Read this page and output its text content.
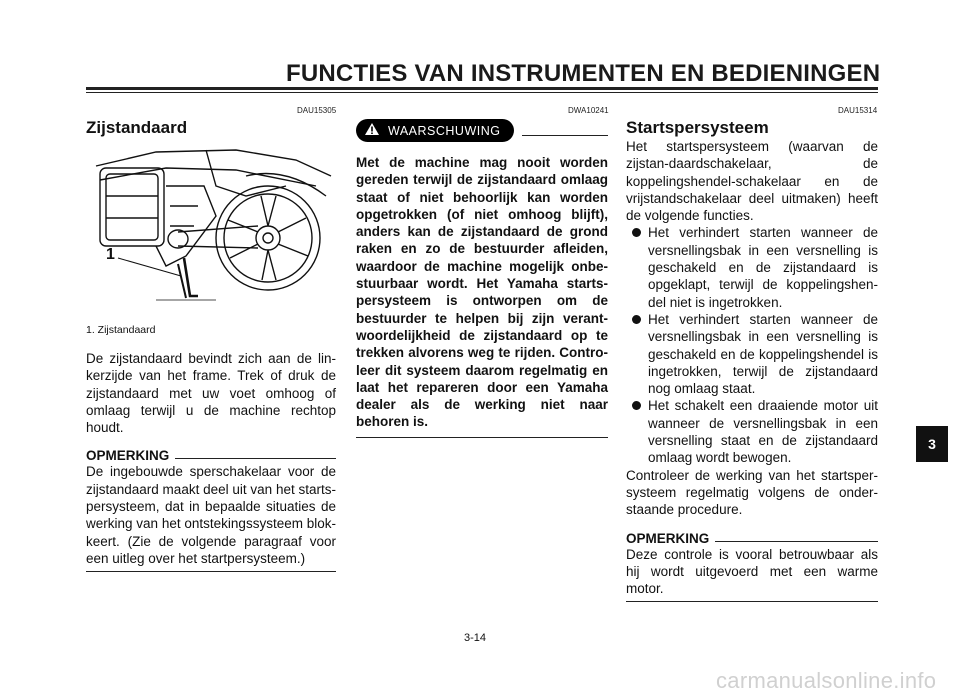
FUNCTIES VAN INSTRUMENTEN EN BEDIENINGEN
DAU15305
Zijstandaard
1
1. Zijstandaard

De zijstandaard bevindt zich aan de lin-kerzijde van het frame. Trek of druk de zijstandaard met uw voet omhoog of omlaag terwijl u de machine rechtop houdt.

OPMERKING

De ingebouwde sperschakelaar voor de zijstandaard maakt deel uit van het starts-persysteem, dat in bepaalde situaties de werking van het ontstekingssysteem blok-keert. (Zie de volgende paragraaf voor een uitleg over het startpersysteem.)

DWA10241
WAARSCHUWING

Met de machine mag nooit worden gereden terwijl de zijstandaard omlaag staat of niet behoorlijk kan worden opgetrokken (of niet omhoog blijft), anders kan de zijstandaard de grond raken en zo de bestuurder afleiden, waardoor de machine mogelijk onbe-stuurbaar wordt. Het Yamaha starts-persysteem is ontworpen om de bestuurder te helpen bij zijn verant-woordelijkheid de zijstandaard op te trekken alvorens weg te rijden. Contro-leer dit systeem daarom regelmatig en laat het repareren door een Yamaha dealer als de werking niet naar behoren is.

DAU15314
Startspersysteem

Het startspersysteem (waarvan de zijstan-daardschakelaar, de koppelingshendel-schakelaar en de vrijstandschakelaar deel uitmaken) heeft de volgende functies.

Het verhindert starten wanneer de versnellingsbak in een versnelling is geschakeld en de zijstandaard is opgeklapt, terwijl de koppelingshen-del niet is ingetrokken.
Het verhindert starten wanneer de versnellingsbak in een versnelling is geschakeld en de koppelingshendel is ingetrokken, terwijl de zijstandaard nog omlaag staat.
Het schakelt een draaiende motor uit wanneer de versnellingsbak in een versnelling staat en de zijstandaard omlaag wordt bewogen.

Controleer de werking van het startsper-systeem regelmatig volgens de onder-staande procedure.

OPMERKING

Deze controle is vooral betrouwbaar als hij wordt uitgevoerd met een warme motor.

3
3-14
carmanualsonline.info
